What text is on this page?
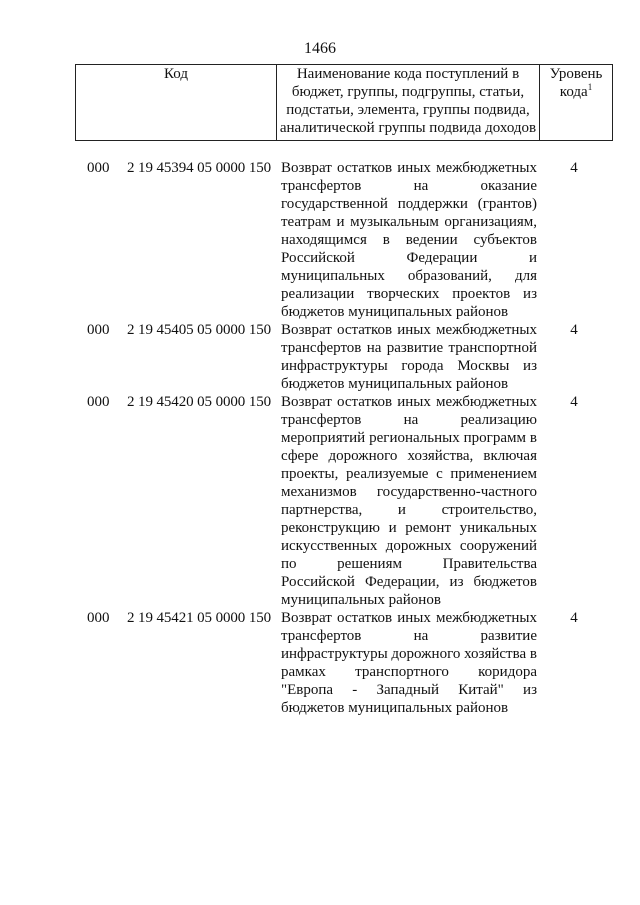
1466
Код	Наименование кода поступлений в бюджет, группы, подгруппы, статьи, подстатьи, элемента, группы подвида, аналитической группы подвида доходов
Уровень кода$^1$
000 2 19 45394 05 0000 150 Возврат остатков иных межбюджетных трансфертов на оказание государственной поддержки (грантов) театрам и музыкальным организациям, находящимся в ведении субъектов Российской Федерации и муниципальных образований, для реализации творческих проектов из бюджетов муниципальных районов
4
000 2 19 45405 05 0000 150 Возврат остатков иных межбюджетных трансфертов на развитие транспортной инфраструктуры города Москвы из бюджетов муниципальных районов
4
000 2 19 45420 05 0000 150 Возврат остатков иных межбюджетных трансфертов на реализацию мероприятий региональных программ в сфере дорожного хозяйства, включая проекты, реализуемые с применением механизмов государственно-частного партнерства, и строительство, реконструкцию и ремонт уникальных искусственных дорожных сооружений по решениям Правительства Российской Федерации, из бюджетов муниципальных районов
4
000 2 19 45421 05 0000 150 Возврат остатков иных межбюджетных трансфертов на развитие инфраструктуры дорожного хозяйства в рамках транспортного коридора "Европа - Западный Китай" из бюджетов муниципальных районов
4
